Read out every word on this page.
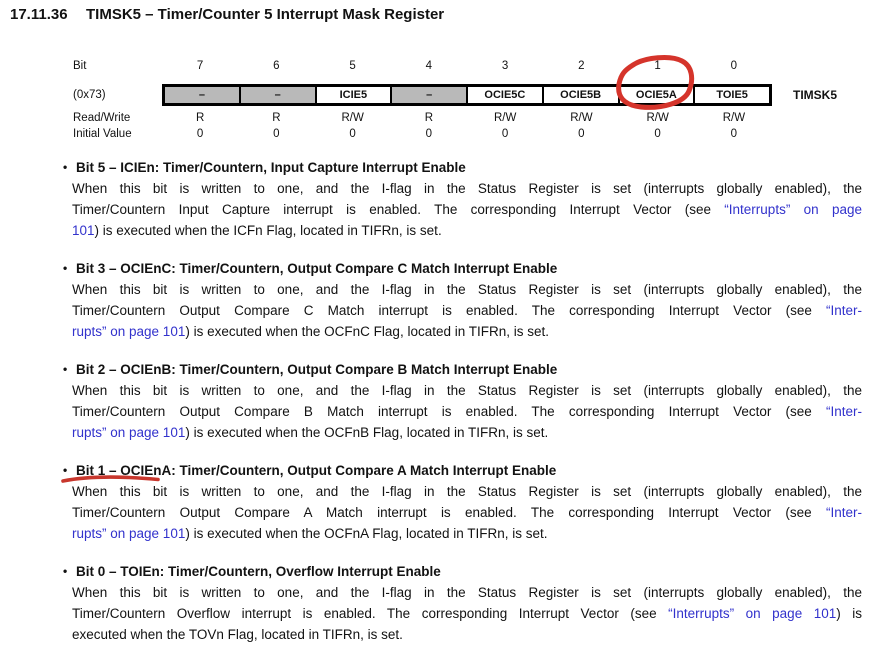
17.11.36	TIMSK5 – Timer/Counter 5 Interrupt Mask Register
Bit	7	6	5	4	3	2	1	0
(0x73)	–	–	ICIE5	–	OCIE5C	OCIE5B	OCIE5A	TOIE5	TIMSK5
Read/Write	R	R	R/W	R	R/W	R/W	R/W	R/W
Initial Value	0	0	0	0	0	0	0	0
• Bit 5 – ICIEn: Timer/Countern, Input Capture Interrupt Enable
When this bit is written to one, and the I-flag in the Status Register is set (interrupts globally enabled), the
Timer/Countern Input Capture interrupt is enabled. The corresponding Interrupt Vector (see “Interrupts” on page
101) is executed when the ICFn Flag, located in TIFRn, is set.
• Bit 3 – OCIEnC: Timer/Countern, Output Compare C Match Interrupt Enable
When this bit is written to one, and the I-flag in the Status Register is set (interrupts globally enabled), the
Timer/Countern Output Compare C Match interrupt is enabled. The corresponding Interrupt Vector (see “Inter-
rupts” on page 101) is executed when the OCFnC Flag, located in TIFRn, is set.
• Bit 2 – OCIEnB: Timer/Countern, Output Compare B Match Interrupt Enable
When this bit is written to one, and the I-flag in the Status Register is set (interrupts globally enabled), the
Timer/Countern Output Compare B Match interrupt is enabled. The corresponding Interrupt Vector (see “Inter-
rupts” on page 101) is executed when the OCFnB Flag, located in TIFRn, is set.
• Bit 1 – OCIEnA: Timer/Countern, Output Compare A Match Interrupt Enable
When this bit is written to one, and the I-flag in the Status Register is set (interrupts globally enabled), the
Timer/Countern Output Compare A Match interrupt is enabled. The corresponding Interrupt Vector (see “Inter-
rupts” on page 101) is executed when the OCFnA Flag, located in TIFRn, is set.
• Bit 0 – TOIEn: Timer/Countern, Overflow Interrupt Enable
When this bit is written to one, and the I-flag in the Status Register is set (interrupts globally enabled), the
Timer/Countern Overflow interrupt is enabled. The corresponding Interrupt Vector (see “Interrupts” on page 101) is
executed when the TOVn Flag, located in TIFRn, is set.
